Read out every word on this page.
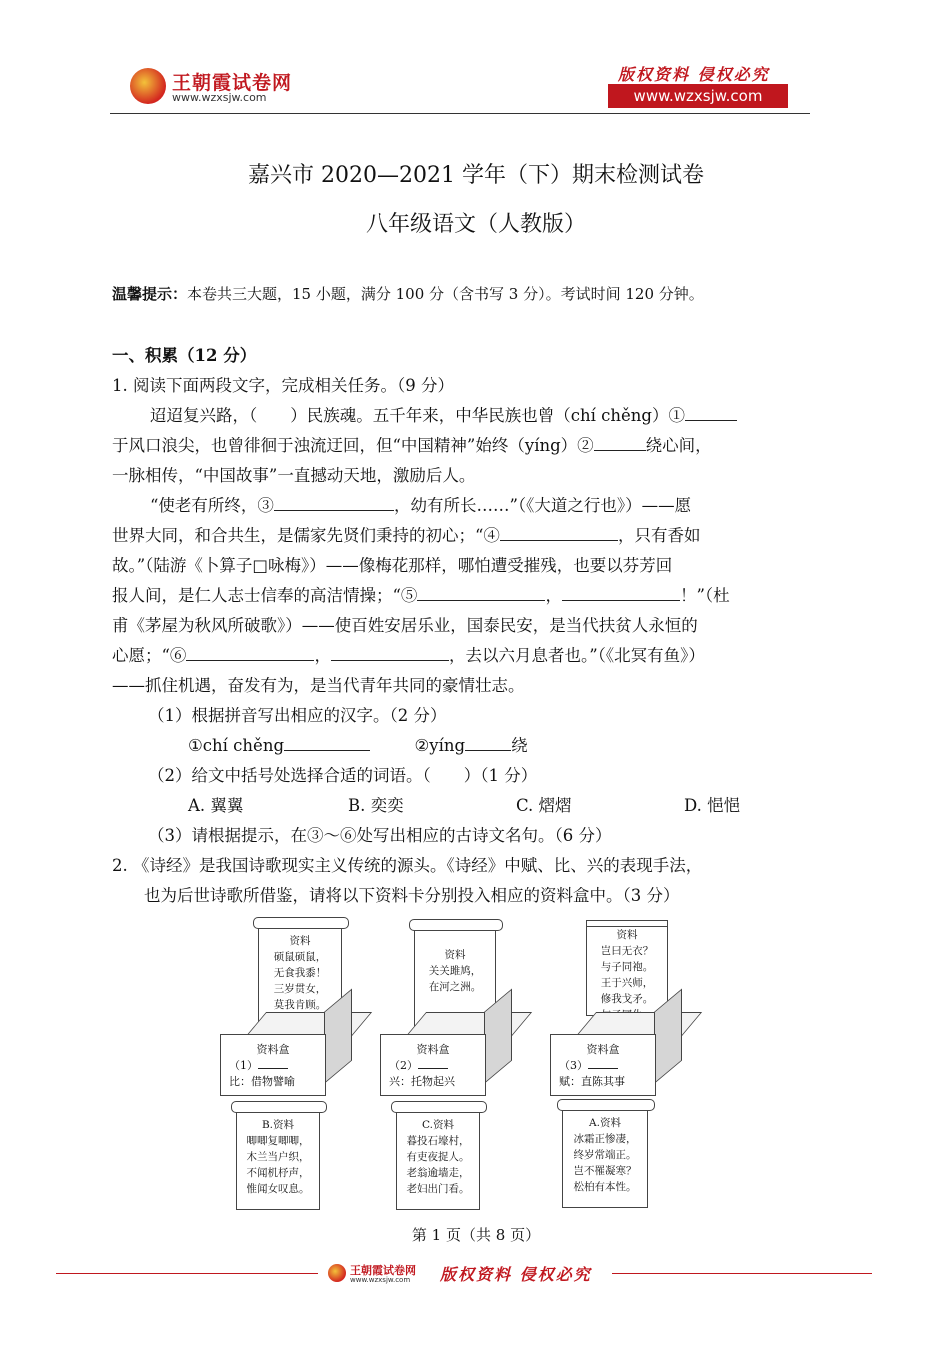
王朝霞试卷网
www.wzxsjw.com
版权资料 侵权必究
www.wzxsjw.com
嘉兴市 2020—2021 学年（下）期末检测试卷
八年级语文（人教版）
温馨提示：本卷共三大题，15 小题，满分 100 分（含书写 3 分）。考试时间 120 分钟。
一、积累（12 分）
1. 阅读下面两段文字，完成相关任务。（9 分）
迢迢复兴路，（　　）民族魂。五千年来，中华民族也曾（chí chěng）①
于风口浪尖，也曾徘徊于浊流迂回，但“中国精神”始终（yíng）②	绕心间，
一脉相传，“中国故事”一直撼动天地，激励后人。
“使老有所终，③	，幼有所长……”（《大道之行也》）——愿
世界大同，和合共生，是儒家先贤们秉持的初心；“④	，只有香如
故。”（陆游《卜算子□咏梅》）——像梅花那样，哪怕遭受摧残，也要以芬芳回
报人间，是仁人志士信奉的高洁情操；“⑤	，	！”（杜
甫《茅屋为秋风所破歌》）——使百姓安居乐业，国泰民安，是当代扶贫人永恒的
心愿；“⑥	，	，去以六月息者也。”（《北冥有鱼》）
——抓住机遇，奋发有为，是当代青年共同的豪情壮志。
（1）根据拼音写出相应的汉字。（2 分）
①chí chěng	②yíng	绕
（2）给文中括号处选择合适的词语。（　　）（1 分）
A. 翼翼	B. 奕奕	C. 熠熠	D. 悒悒
（3）请根据提示，在③～⑥处写出相应的古诗文名句。（6 分）
2. 《诗经》是我国诗歌现实主义传统的源头。《诗经》中赋、比、兴的表现手法，
也为后世诗歌所借鉴，请将以下资料卡分别投入相应的资料盒中。（3 分）
资料
硕鼠硕鼠，
无食我黍！
三岁贯女，
莫我肯顾。
资料
关关雎鸠，
在河之洲。
资料
岂曰无衣？
与子同袍。
王于兴师，
修我戈矛。
资料盒
（1）
比：借物譬喻
资料盒
（2）
兴：托物起兴
资料盒
（3）
赋：直陈其事
B.资料
唧唧复唧唧，
木兰当户织，
不闻机杼声，
惟闻女叹息。
C.资料
暮投石壕村，
有吏夜捉人。
老翁逾墙走，
老妇出门看。
A.资料
冰霜正惨凄，
终岁常端正。
岂不罹凝寒？
松柏有本性。
第 1 页（共 8 页）
王朝霞试卷网
www.wzxsjw.com 版权资料 侵权必究
